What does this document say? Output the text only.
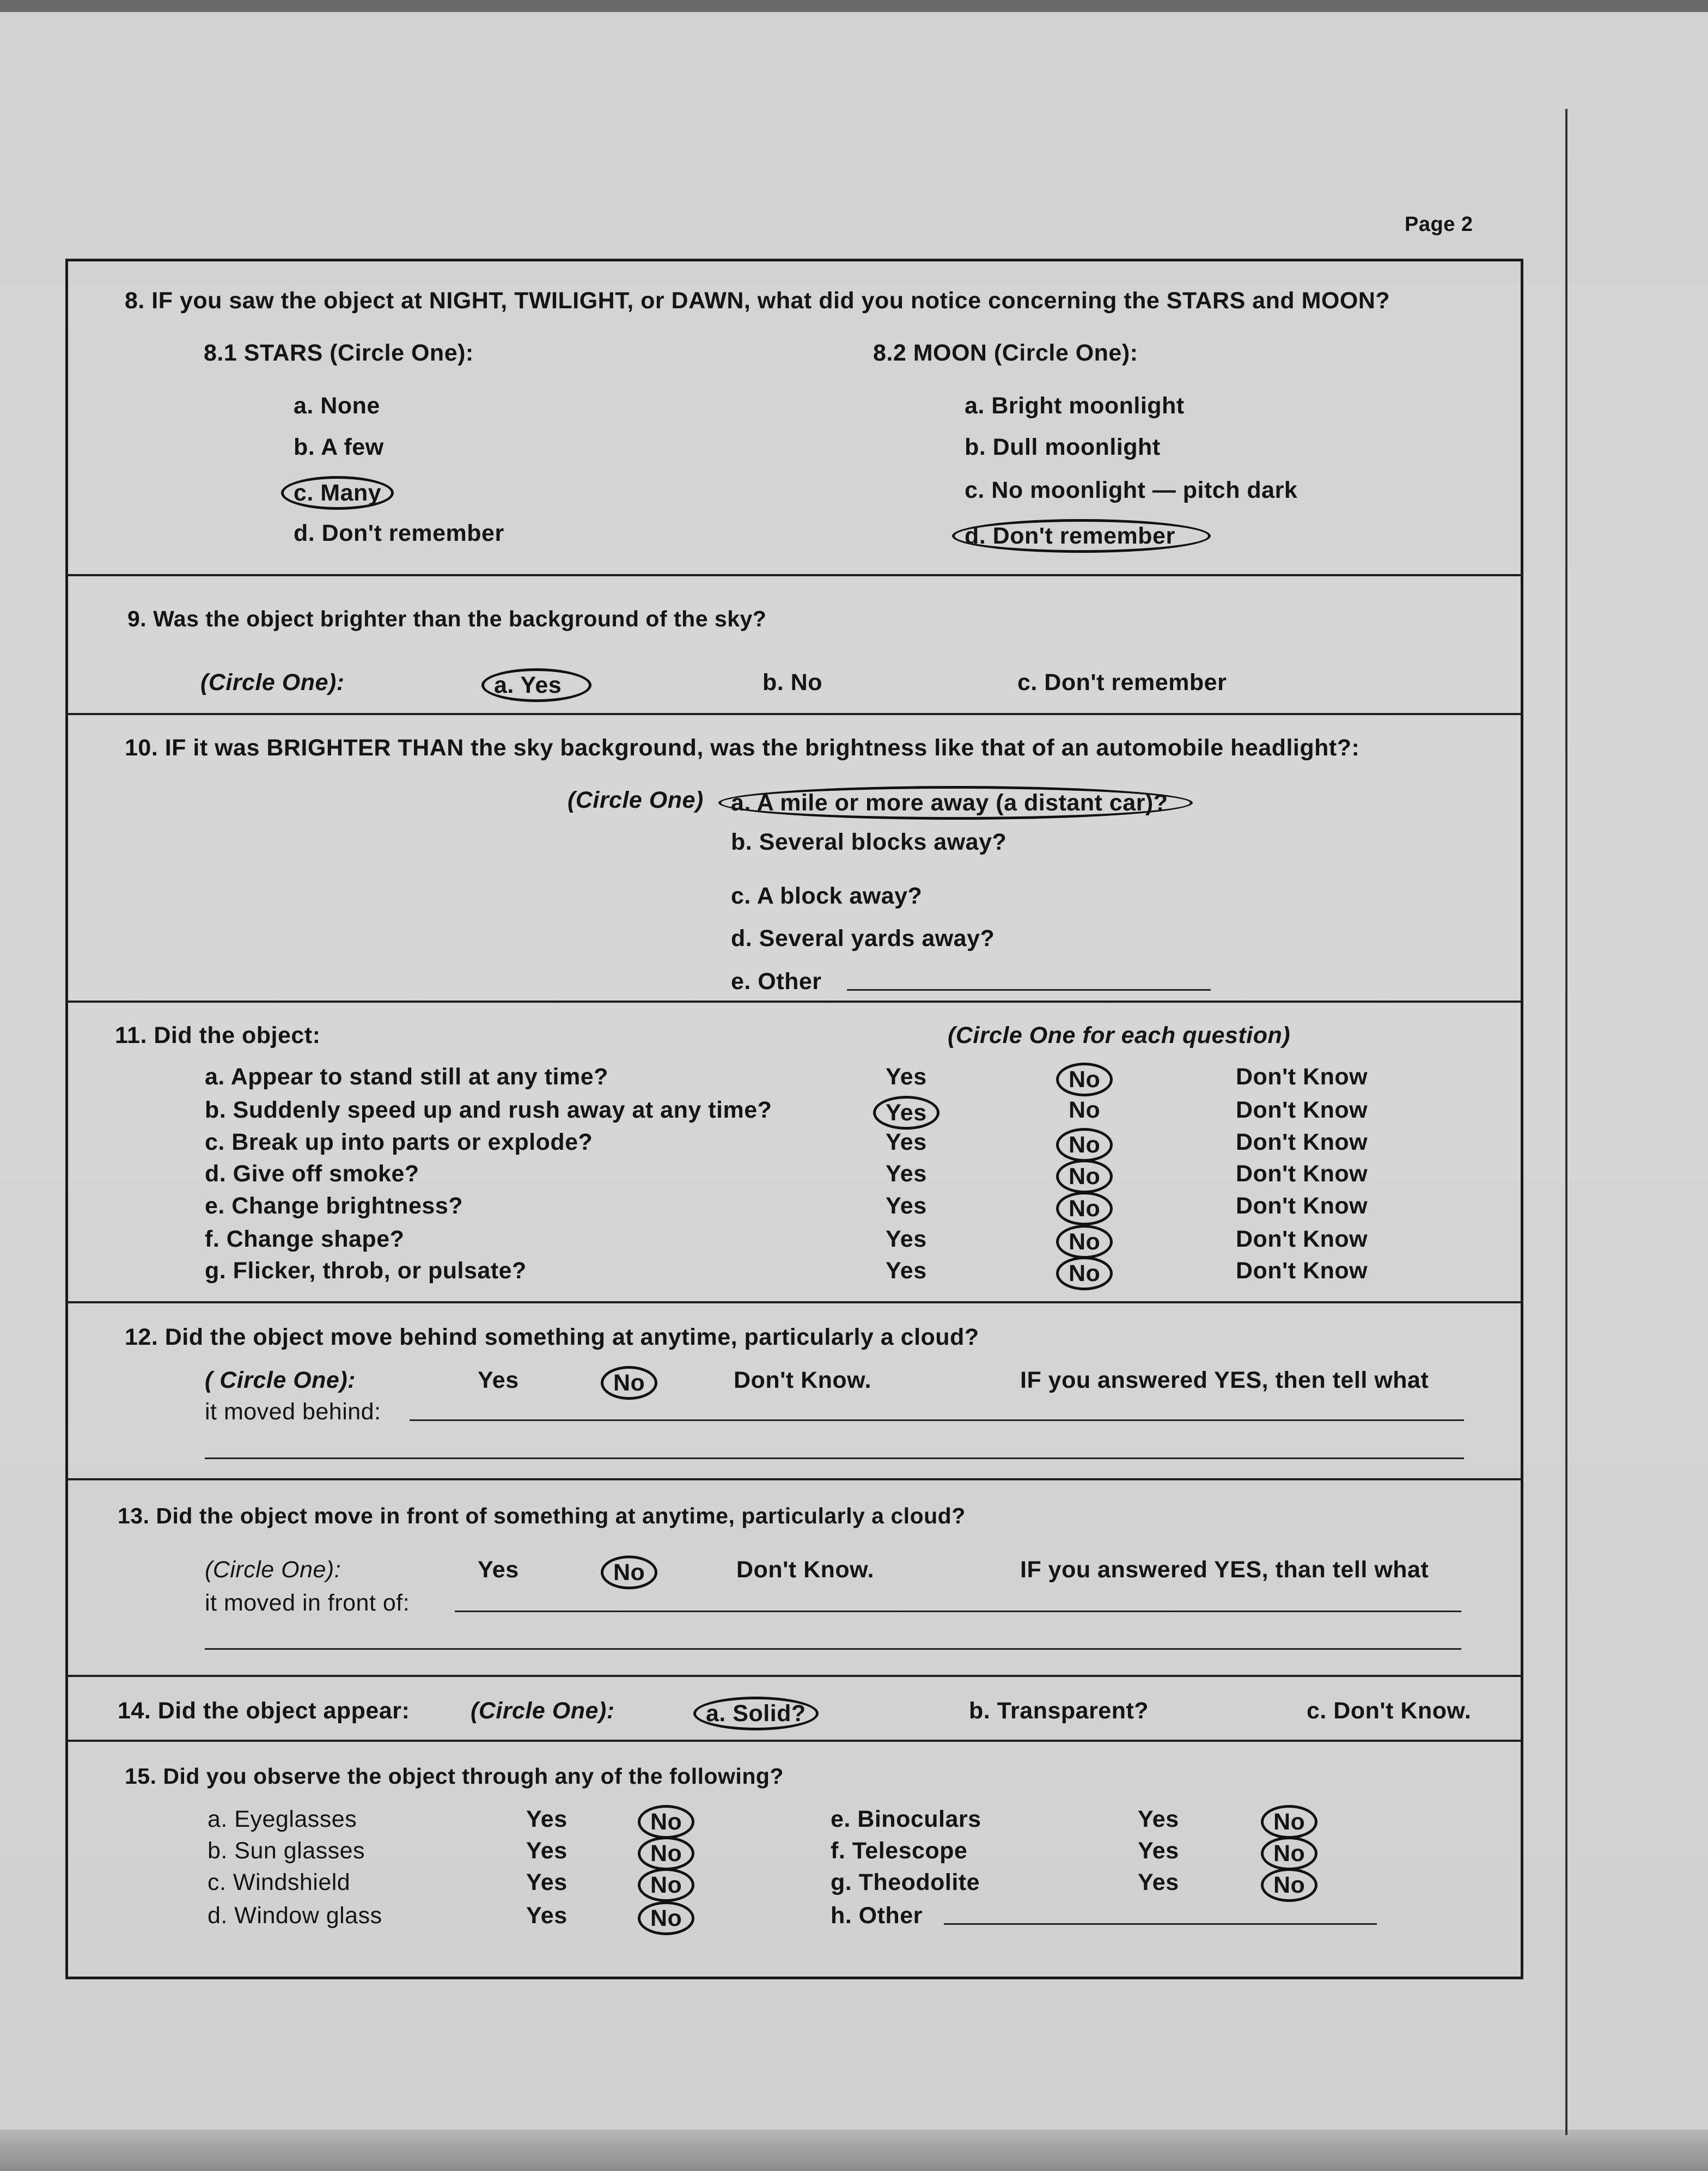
Page 2
8. IF you saw the object at NIGHT, TWILIGHT, or DAWN, what did you notice concerning the STARS and MOON?
8.1 STARS (Circle One):	8.2 MOON (Circle One):
a. None
b. A few
c. Many
d. Don't remember
a. Bright moonlight
b. Dull moonlight
c. No moonlight — pitch dark
d. Don't remember
9. Was the object brighter than the background of the sky?
(Circle One):	a. Yes	b. No	c. Don't remember
10. IF it was BRIGHTER THAN the sky background, was the brightness like that of an automobile headlight?:
(Circle One)	a. A mile or more away (a distant car)?
b. Several blocks away?
c. A block away?
d. Several yards away?
e. Other
11. Did the object:	(Circle One for each question)
a. Appear to stand still at any time?	Yes	No	Don't Know
b. Suddenly speed up and rush away at any time?	Yes	No	Don't Know
c. Break up into parts or explode?	Yes	No	Don't Know
d. Give off smoke?	Yes	No	Don't Know
e. Change brightness?	Yes	No	Don't Know
f. Change shape?	Yes	No	Don't Know
g. Flicker, throb, or pulsate?	Yes	No	Don't Know
12. Did the object move behind something at anytime, particularly a cloud?
( Circle One):	Yes	No	Don't Know.	IF you answered YES, then tell what
it moved behind:
13. Did the object move in front of something at anytime, particularly a cloud?
(Circle One):	Yes	No	Don't Know.	IF you answered YES, than tell what
it moved in front of:
14. Did the object appear:	(Circle One):	a. Solid?	b. Transparent?	c. Don't Know.
15. Did you observe the object through any of the following?
a. Eyeglasses	Yes	No
b. Sun glasses	Yes	No
c. Windshield	Yes	No
d. Window glass	Yes	No
e. Binoculars	Yes	No
f. Telescope	Yes	No
g. Theodolite	Yes	No
h. Other
